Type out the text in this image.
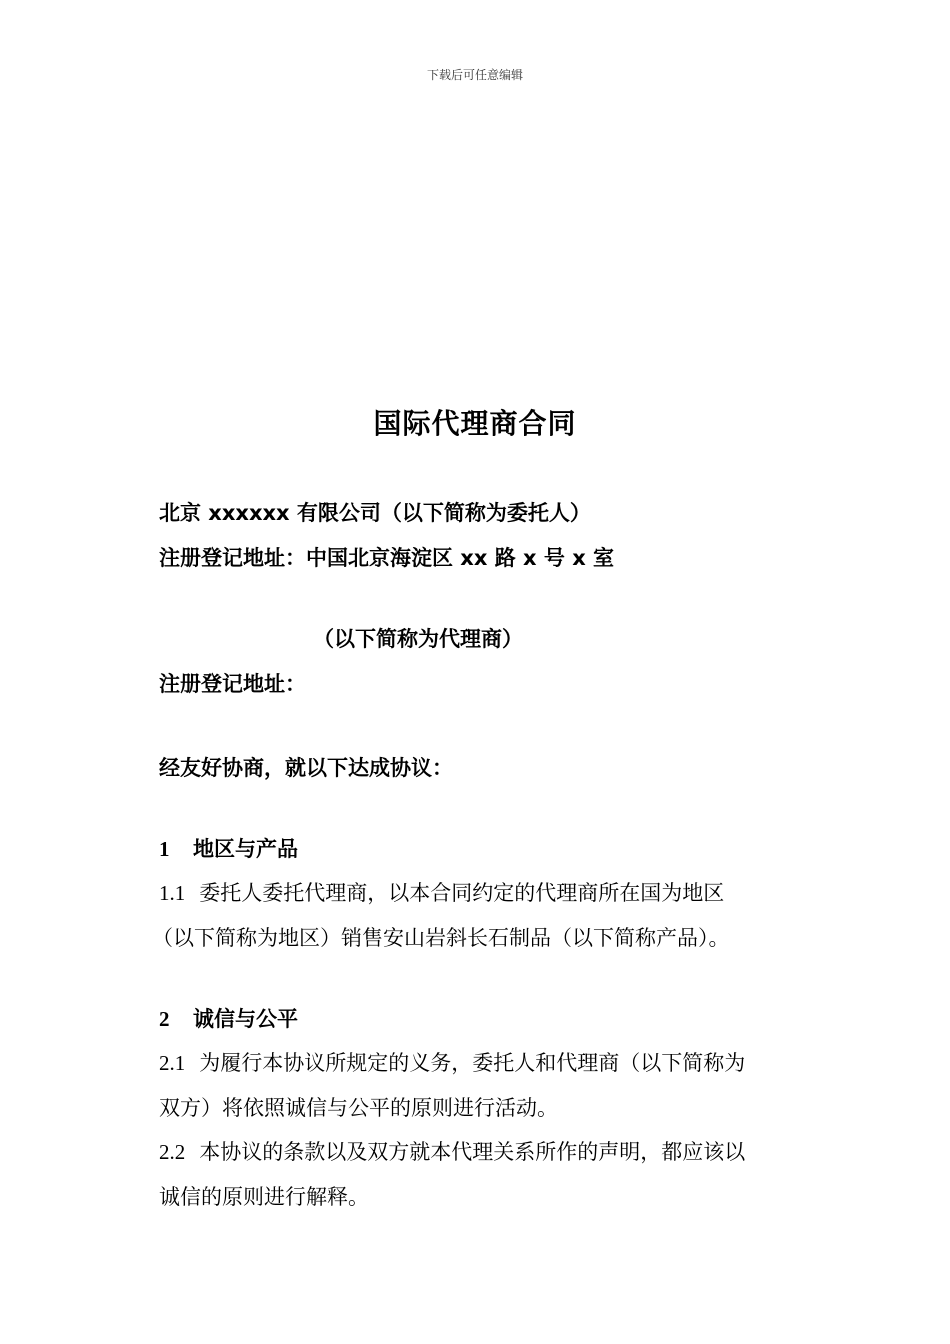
下载后可任意编辑
国际代理商合同
北京 xxxxxx 有限公司（以下简称为委托人）
注册登记地址：中国北京海淀区 xx 路 x 号 x 室
（以下简称为代理商）
注册登记地址：
经友好协商，就以下达成协议：
1 地区与产品
1.1 委托人委托代理商，以本合同约定的代理商所在国为地区
（以下简称为地区）销售安山岩斜长石制品（以下简称产品）。
2 诚信与公平
2.1 为履行本协议所规定的义务，委托人和代理商（以下简称为
双方）将依照诚信与公平的原则进行活动。
2.2 本协议的条款以及双方就本代理关系所作的声明，都应该以
诚信的原则进行解释。
